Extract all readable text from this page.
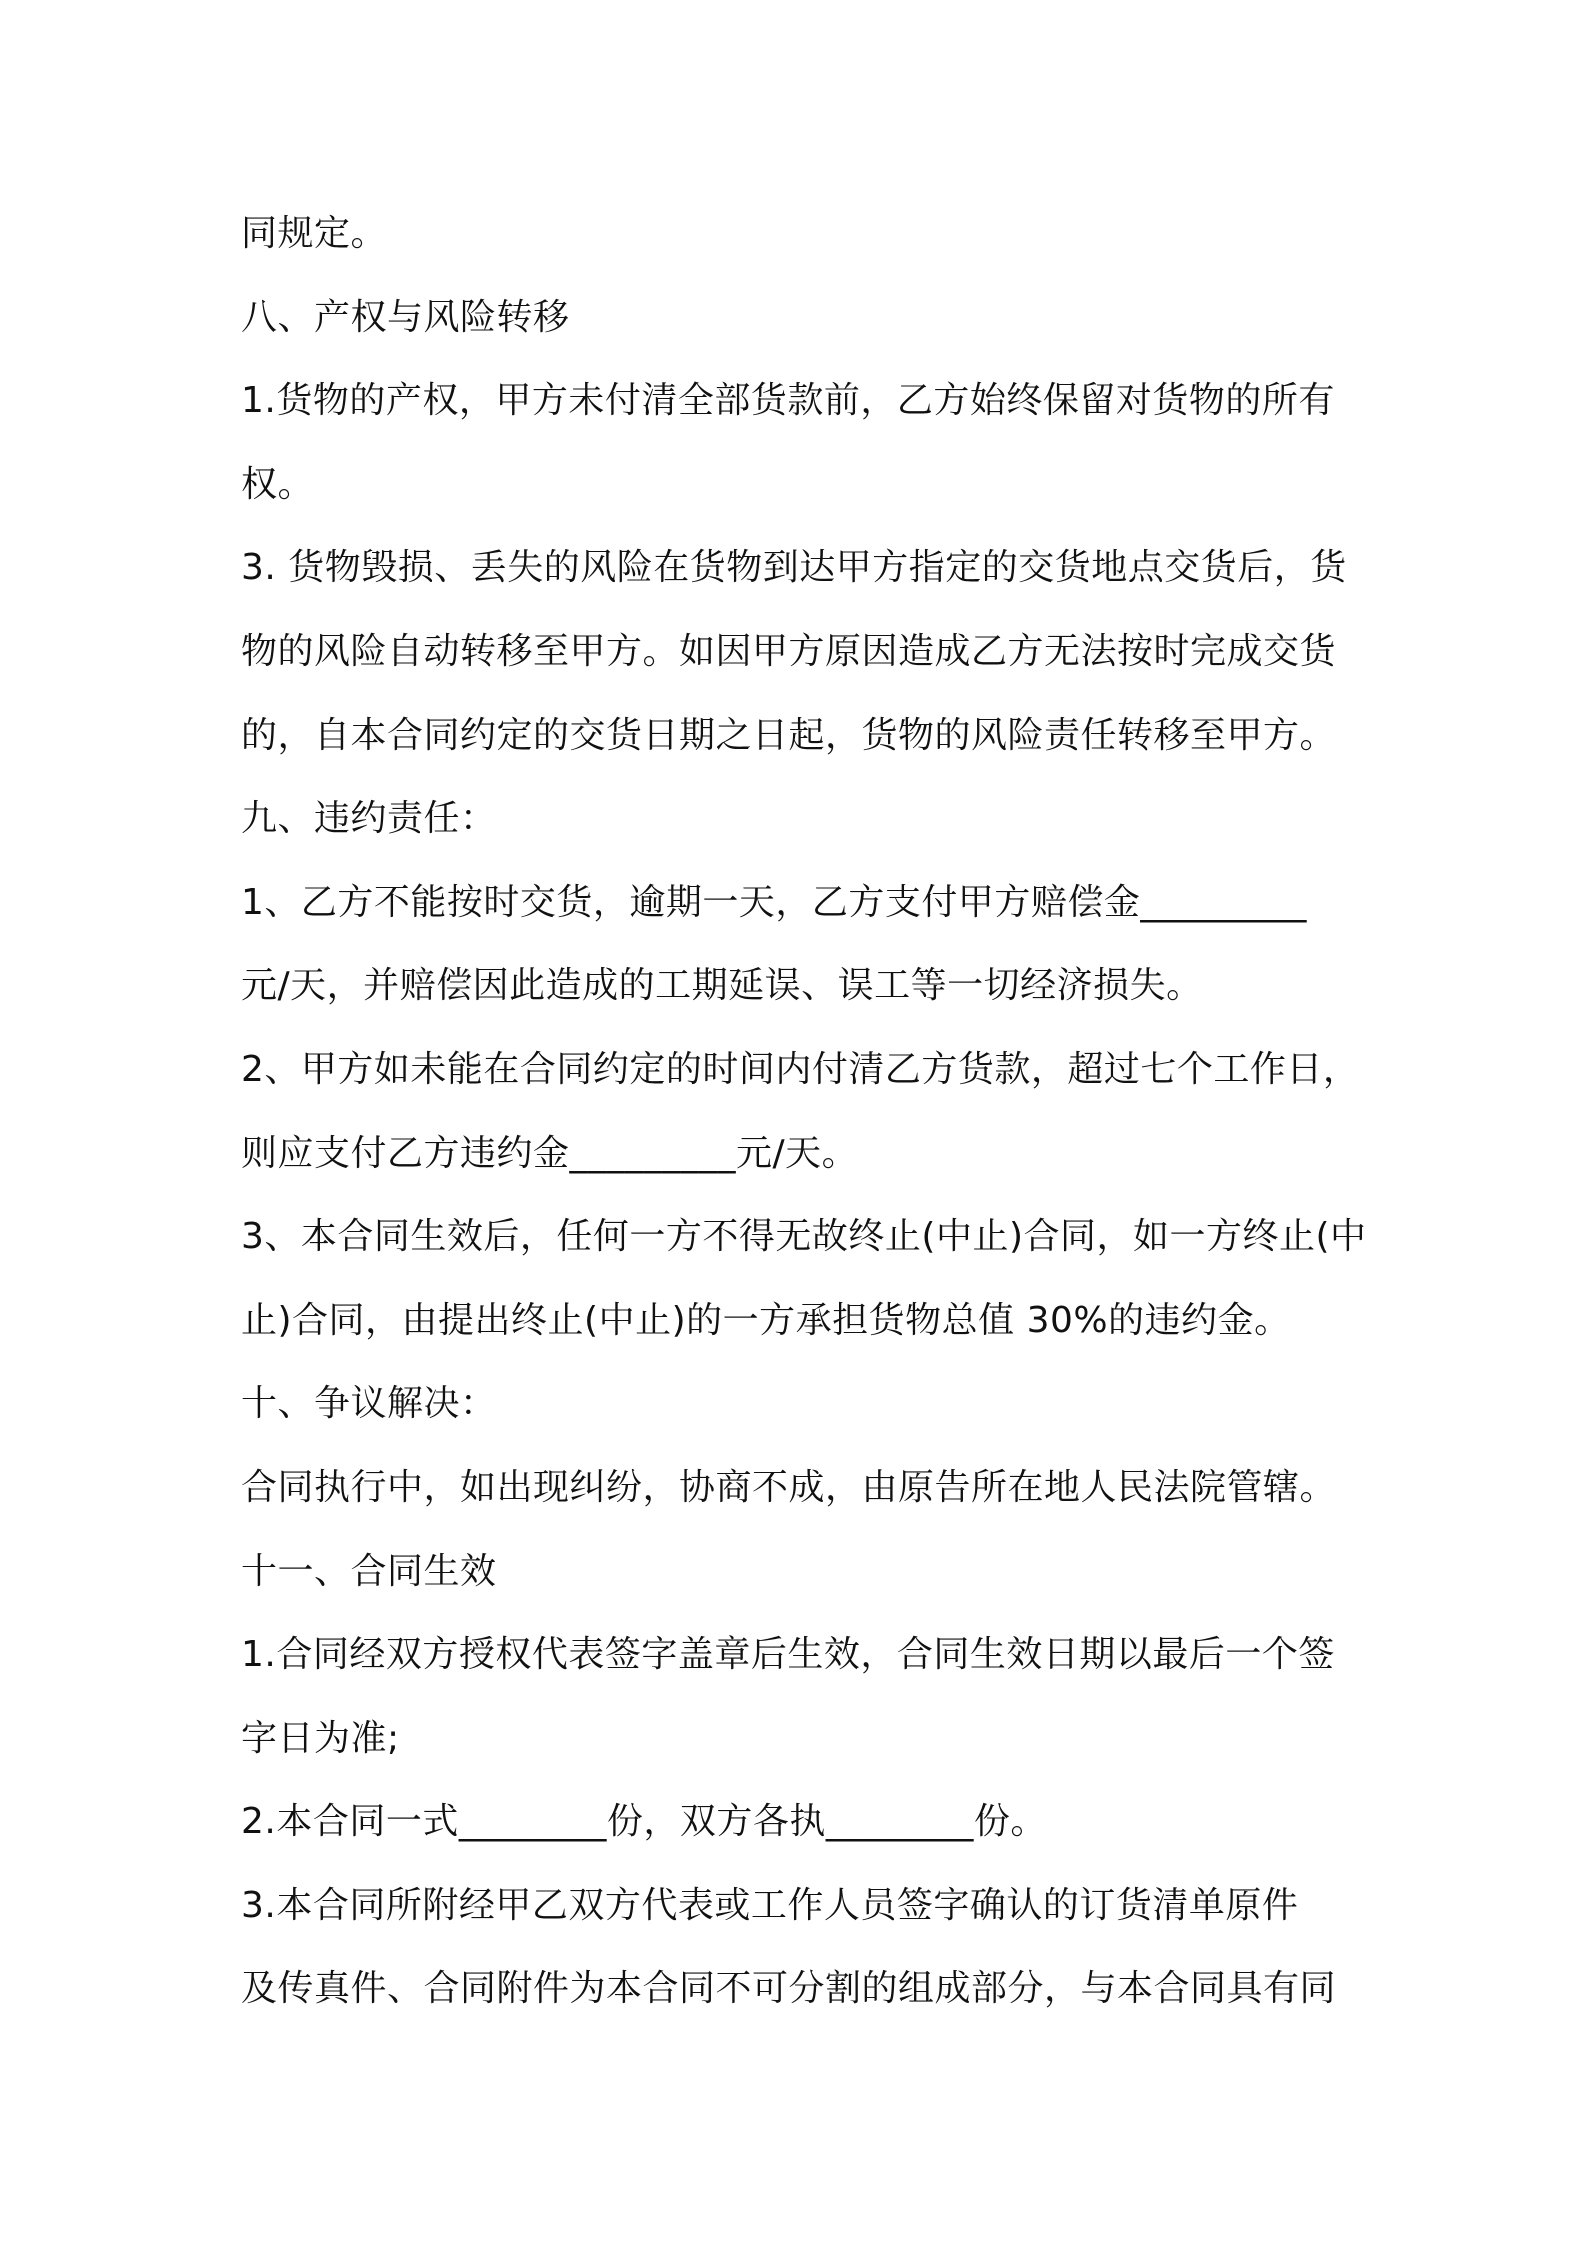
同规定。
八、产权与风险转移
1.货物的产权，甲方未付清全部货款前，乙方始终保留对货物的所有
权。
3. 货物毁损、丢失的风险在货物到达甲方指定的交货地点交货后，货
物的风险自动转移至甲方。如因甲方原因造成乙方无法按时完成交货
的，自本合同约定的交货日期之日起，货物的风险责任转移至甲方。
九、违约责任：
1、乙方不能按时交货，逾期一天，乙方支付甲方赔偿金_________
元/天，并赔偿因此造成的工期延误、误工等一切经济损失。
2、甲方如未能在合同约定的时间内付清乙方货款，超过七个工作日，
则应支付乙方违约金_________元/天。
3、本合同生效后，任何一方不得无故终止(中止)合同，如一方终止(中
止)合同，由提出终止(中止)的一方承担货物总值 30%的违约金。
十、争议解决：
合同执行中，如出现纠纷，协商不成，由原告所在地人民法院管辖。
十一、合同生效
1.合同经双方授权代表签字盖章后生效，合同生效日期以最后一个签
字日为准;
2.本合同一式________份，双方各执________份。
3.本合同所附经甲乙双方代表或工作人员签字确认的订货清单原件
及传真件、合同附件为本合同不可分割的组成部分，与本合同具有同
